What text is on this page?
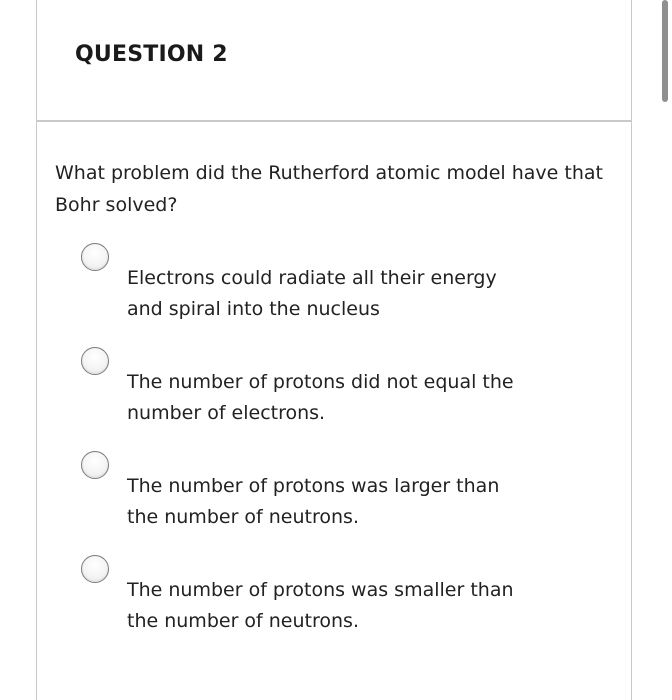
QUESTION 2
What problem did the Rutherford atomic model have that Bohr solved?
Electrons could radiate all their energy and spiral into the nucleus
The number of protons did not equal the number of electrons.
The number of protons was larger than the number of neutrons.
The number of protons was smaller than the number of neutrons.
